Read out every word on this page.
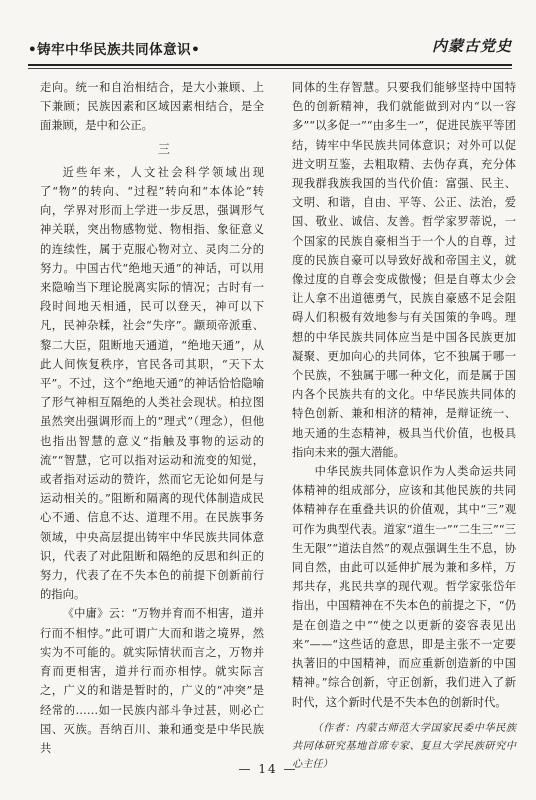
•铸牢中华民族共同体意识•	内蒙古党史

走向。统一和自治相结合，是大小兼顾、上下兼顾；民族因素和区域因素相结合，是全面兼顾，是中和公正。

三

近些年来，人文社会科学领域出现了“物”的转向、“过程”转向和“本体论”转向，学界对形而上学进一步反思，强调形气神关联，突出物感物觉、物相指、象征意义的连续性，属于克服心物对立、灵肉二分的努力。中国古代“绝地天通”的神话，可以用来隐喻当下理论脱离实际的情况；古时有一段时间地天相通，民可以登天，神可以下凡，民神杂糅，社会“失序”。颛顼帝派重、黎二大臣，阻断地天通道，“绝地天通”，从此人间恢复秩序，官民各司其职，“天下太平”。不过，这个“绝地天通”的神话恰恰隐喻了形气神相互隔绝的人类社会现状。柏拉图虽然突出强调形而上的“理式”（理念），但他也指出智慧的意义“指触及事物的运动的流”“智慧，它可以指对运动和流变的知觉，或者指对运动的赞许，然而它无论如何是与运动相关的。”阻断和隔离的现代体制造成民心不通、信息不达、道理不用。在民族事务领域，中央高层提出铸牢中华民族共同体意识，代表了对此阻断和隔绝的反思和纠正的努力，代表了在不失本色的前提下创新前行的指向。

《中庸》云：“万物并育而不相害，道并行而不相悖。”此可谓广大而和谐之境界，然实为不可能的。就实际情状而言之，万物并育而更相害，道并行而亦相悖。就实际言之，广义的和谐是暂时的，广义的“冲突”是经常的……如一民族内部斗争过甚，则必亡国、灭族。吾纳百川、兼和通变是中华民族共

同体的生存智慧。只要我们能够坚持中国特色的创新精神，我们就能做到对内“以一容多”“以多促一”“由多生一”，促进民族平等团结，铸牢中华民族共同体意识；对外可以促进文明互鉴，去粗取精、去伪存真，充分体现我群我族我国的当代价值：富强、民主、文明、和谐，自由、平等、公正、法治，爱国、敬业、诚信、友善。哲学家罗蒂说，一个国家的民族自豪相当于一个人的自尊，过度的民族自豪可以导致好战和帝国主义，就像过度的自尊会变成傲慢；但是自尊太少会让人拿不出道德勇气，民族自豪感不足会阻碍人们积极有效地参与有关国策的争鸣。理想的中华民族共同体应当是中国各民族更加凝聚、更加向心的共同体，它不独属于哪一个民族，不独属于哪一种文化，而是属于国内各个民族共有的文化。中华民族共同体的特色创新、兼和相济的精神，是辩证统一、地天通的生态精神，极具当代价值，也极具指向未来的强大潜能。

中华民族共同体意识作为人类命运共同体精神的组成部分，应该和其他民族的共同体精神存在重叠共识的价值观，其中“三”观可作为典型代表。道家“道生一”“二生三”“三生无限”“道法自然”的观点强调生生不息，协同自然，由此可以延伸扩展为兼和多样，万邦共存，兆民共享的现代观。哲学家张岱年指出，中国精神在不失本色的前提之下，“仍是在创造之中”“使之以更新的姿容表见出来”——“这些话的意思，即是主张不一定要执著旧的中国精神，而应重新创造新的中国精神。”综合创新，守正创新，我们进入了新时代，这个新时代是不失本色的创新时代。

（作者：内蒙古师范大学国家民委中华民族共同体研究基地首席专家、复旦大学民族研究中心主任）

— 14 —
